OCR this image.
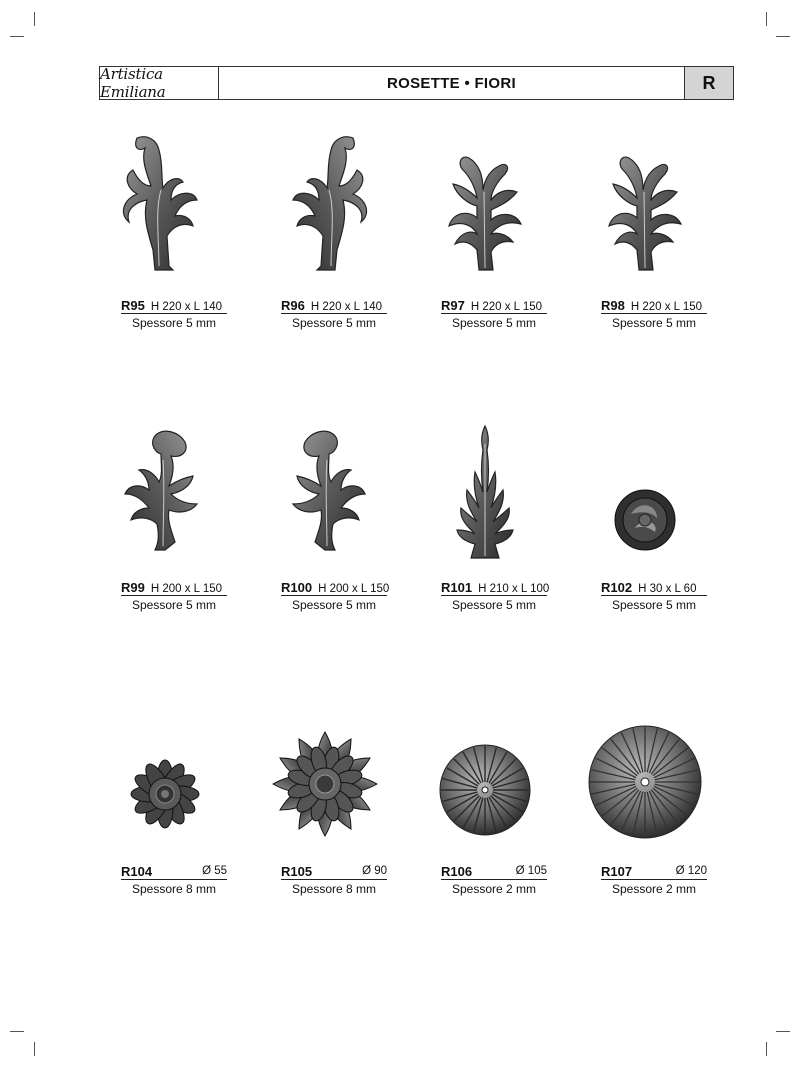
Artistica Emiliana	ROSETTE • FIORI	R
R95 H 220 x L 140
Spessore 5 mm
R96 H 220 x L 140
Spessore 5 mm
R97 H 220 x L 150
Spessore 5 mm
R98 H 220 x L 150
Spessore 5 mm
R99 H 200 x L 150
Spessore 5 mm
R100 H 200 x L 150
Spessore 5 mm
R101 H 210 x L 100
Spessore 5 mm
R102 H 30 x L 60
Spessore 5 mm
R104	Ø 55
Spessore 8 mm
R105	Ø 90
Spessore 8 mm
R106	Ø 105
Spessore 2 mm
R107	Ø 120
Spessore 2 mm
